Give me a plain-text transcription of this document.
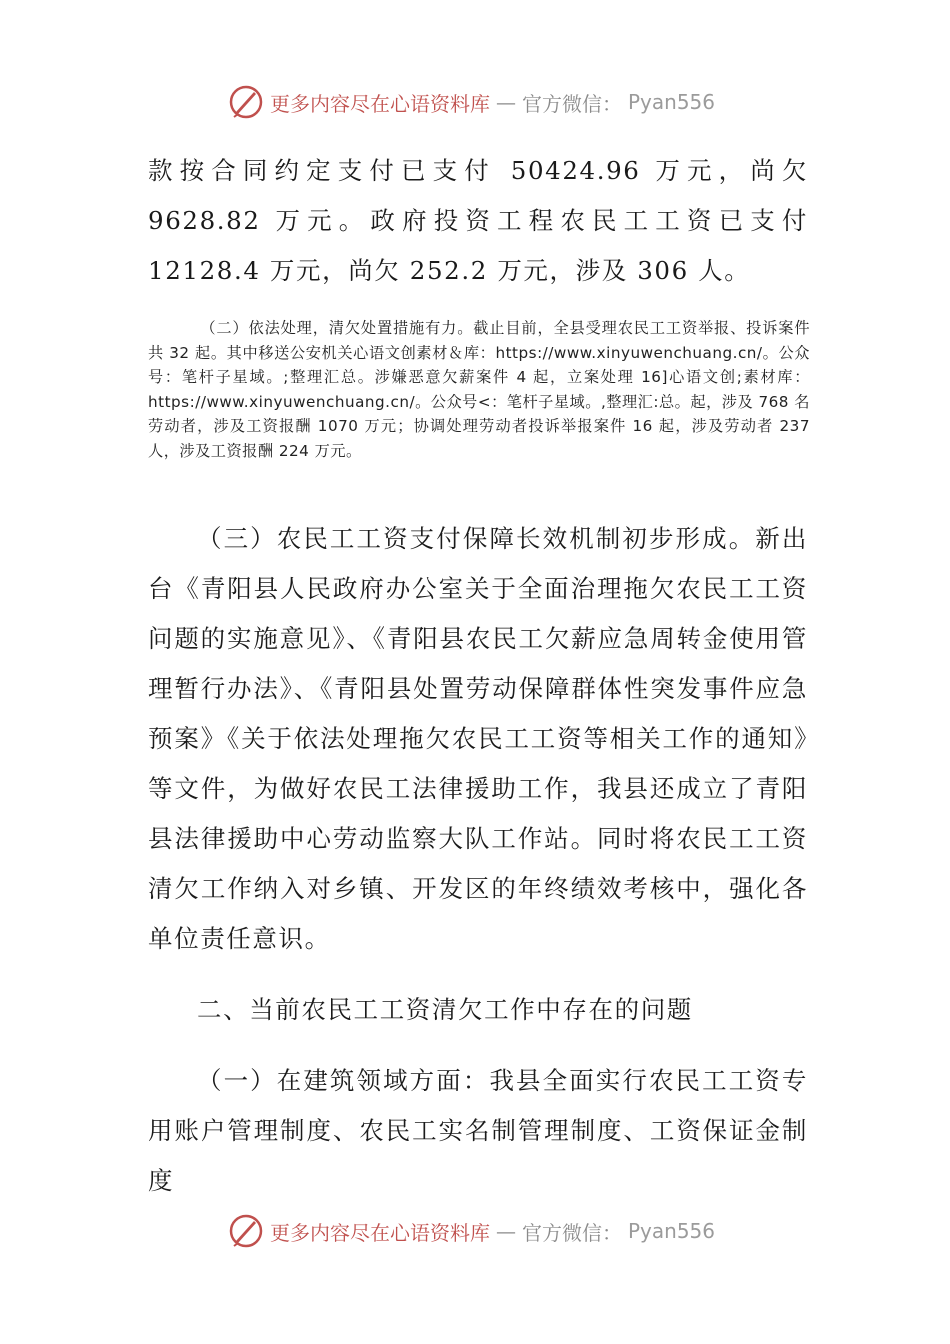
更多内容尽在心语资料库 — 官方微信： Pyan556

款按合同约定支付已支付 50424.96 万元，尚欠 9628.82 万元。政府投资工程农民工工资已支付 12128.4 万元，尚欠 252.2 万元，涉及 306 人。

（二）依法处理，清欠处置措施有力。截止目前，全县受理农民工工资举报、投诉案件共 32 起。其中移送公安机关心语文创素材＆库：https://www.xinyuwenchuang.cn/。公众号：笔杆子星域。;整理汇总。涉嫌恶意欠薪案件 4 起，立案处理 16]心语文创;素材库：https://www.xinyuwenchuang.cn/。公众号<：笔杆子星域。,整理汇:总。起，涉及 768 名劳动者，涉及工资报酬 1070 万元；协调处理劳动者投诉举报案件 16 起，涉及劳动者 237 人，涉及工资报酬 224 万元。

（三）农民工工资支付保障长效机制初步形成。新出台《青阳县人民政府办公室关于全面治理拖欠农民工工资问题的实施意见》、《青阳县农民工欠薪应急周转金使用管理暂行办法》、《青阳县处置劳动保障群体性突发事件应急预案》《关于依法处理拖欠农民工工资等相关工作的通知》等文件，为做好农民工法律援助工作，我县还成立了青阳县法律援助中心劳动监察大队工作站。同时将农民工工资清欠工作纳入对乡镇、开发区的年终绩效考核中，强化各单位责任意识。

二、当前农民工工资清欠工作中存在的问题

（一）在建筑领域方面：我县全面实行农民工工资专用账户管理制度、农民工实名制管理制度、工资保证金制度

更多内容尽在心语资料库 — 官方微信： Pyan556
